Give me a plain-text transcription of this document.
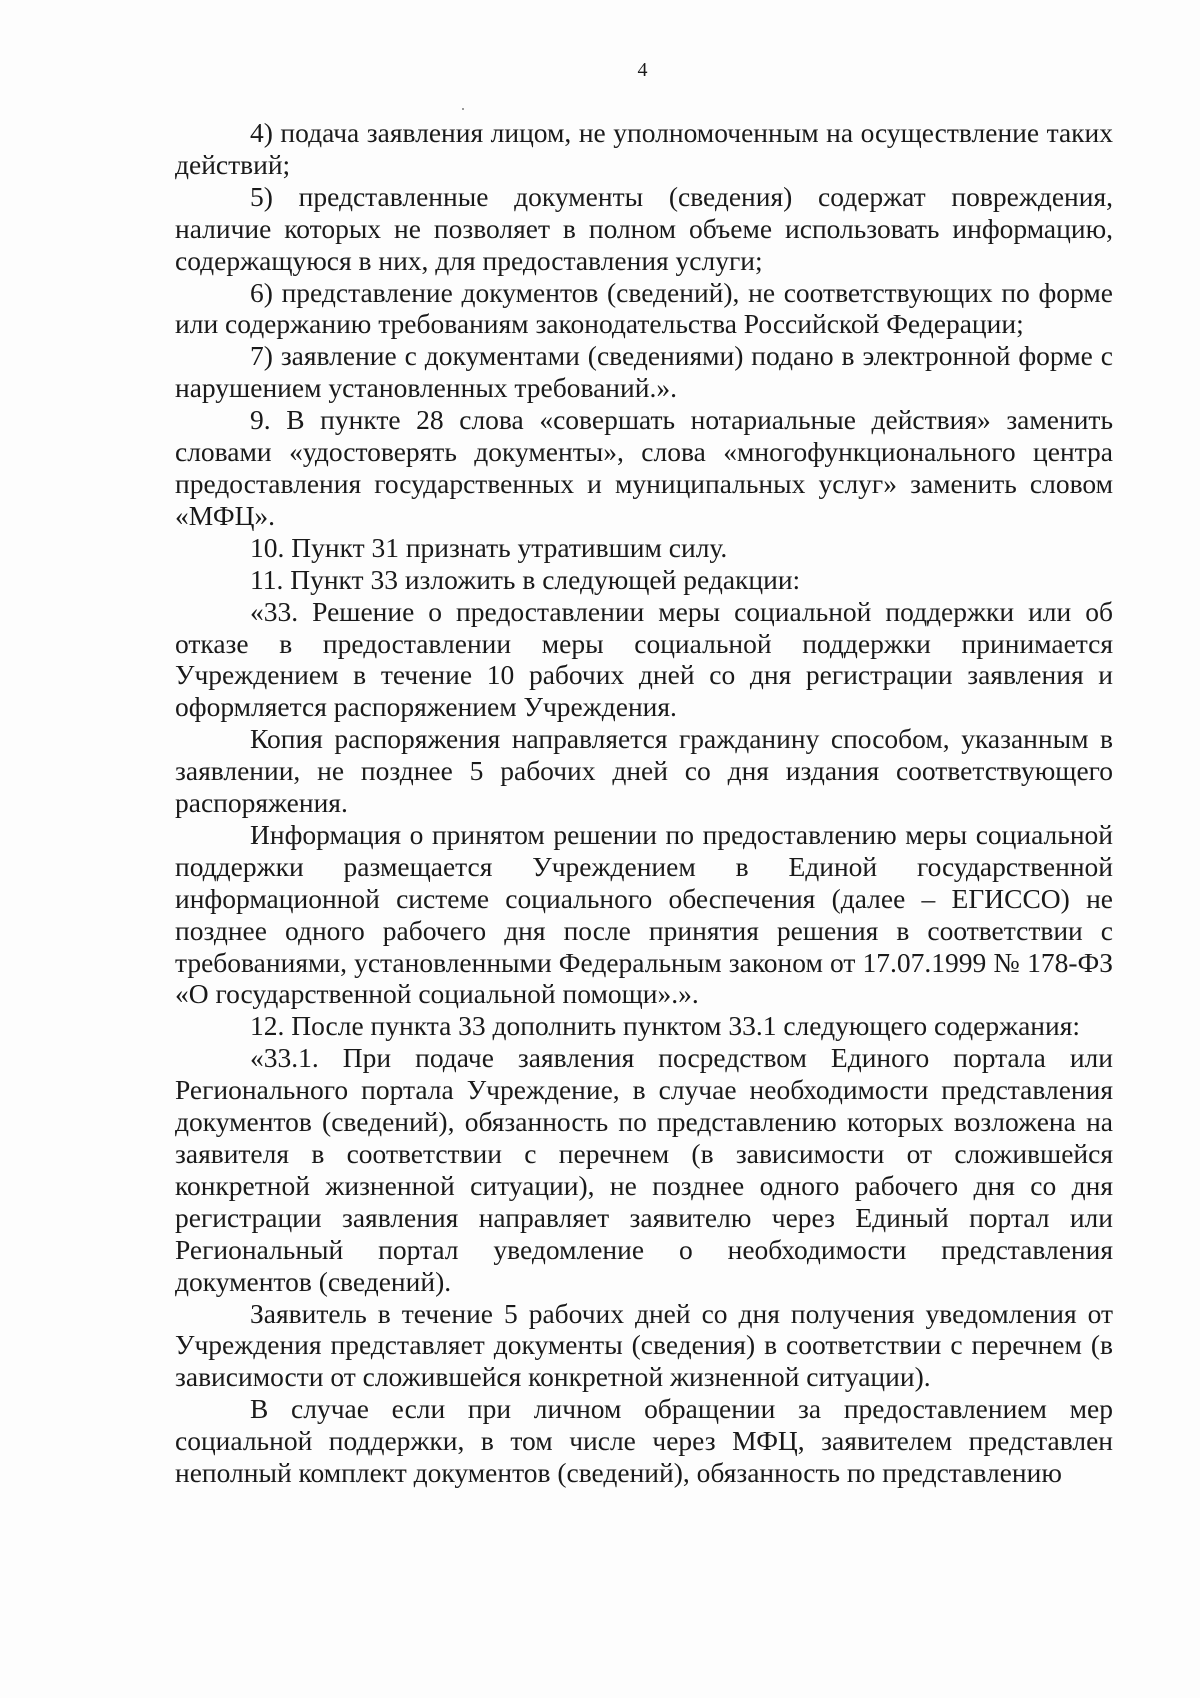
4

4) подача заявления лицом, не уполномоченным на осуществление таких действий;

5) представленные документы (сведения) содержат повреждения, наличие которых не позволяет в полном объеме использовать информацию, содержащуюся в них, для предоставления услуги;

6) представление документов (сведений), не соответствующих по форме или содержанию требованиям законодательства Российской Федерации;

7) заявление с документами (сведениями) подано в электронной форме с нарушением установленных требований.».

9. В пункте 28 слова «совершать нотариальные действия» заменить словами «удостоверять документы», слова «многофункционального центра предоставления государственных и муниципальных услуг» заменить словом «МФЦ».

10. Пункт 31 признать утратившим силу.

11. Пункт 33 изложить в следующей редакции:

«33. Решение о предоставлении меры социальной поддержки или об отказе в предоставлении меры социальной поддержки принимается Учреждением в течение 10 рабочих дней со дня регистрации заявления и оформляется распоряжением Учреждения.

Копия распоряжения направляется гражданину способом, указанным в заявлении, не позднее 5 рабочих дней со дня издания соответствующего распоряжения.

Информация о принятом решении по предоставлению меры социальной поддержки размещается Учреждением в Единой государственной информационной системе социального обеспечения (далее – ЕГИССО) не позднее одного рабочего дня после принятия решения в соответствии с требованиями, установленными Федеральным законом от 17.07.1999 № 178-ФЗ «О государственной социальной помощи».».

12. После пункта 33 дополнить пунктом 33.1 следующего содержания:

«33.1. При подаче заявления посредством Единого портала или Регионального портала Учреждение, в случае необходимости представления документов (сведений), обязанность по представлению которых возложена на заявителя в соответствии с перечнем (в зависимости от сложившейся конкретной жизненной ситуации), не позднее одного рабочего дня со дня регистрации заявления направляет заявителю через Единый портал или Региональный портал уведомление о необходимости представления документов (сведений).

Заявитель в течение 5 рабочих дней со дня получения уведомления от Учреждения представляет документы (сведения) в соответствии с перечнем (в зависимости от сложившейся конкретной жизненной ситуации).

В случае если при личном обращении за предоставлением мер социальной поддержки, в том числе через МФЦ, заявителем представлен неполный комплект документов (сведений), обязанность по представлению
